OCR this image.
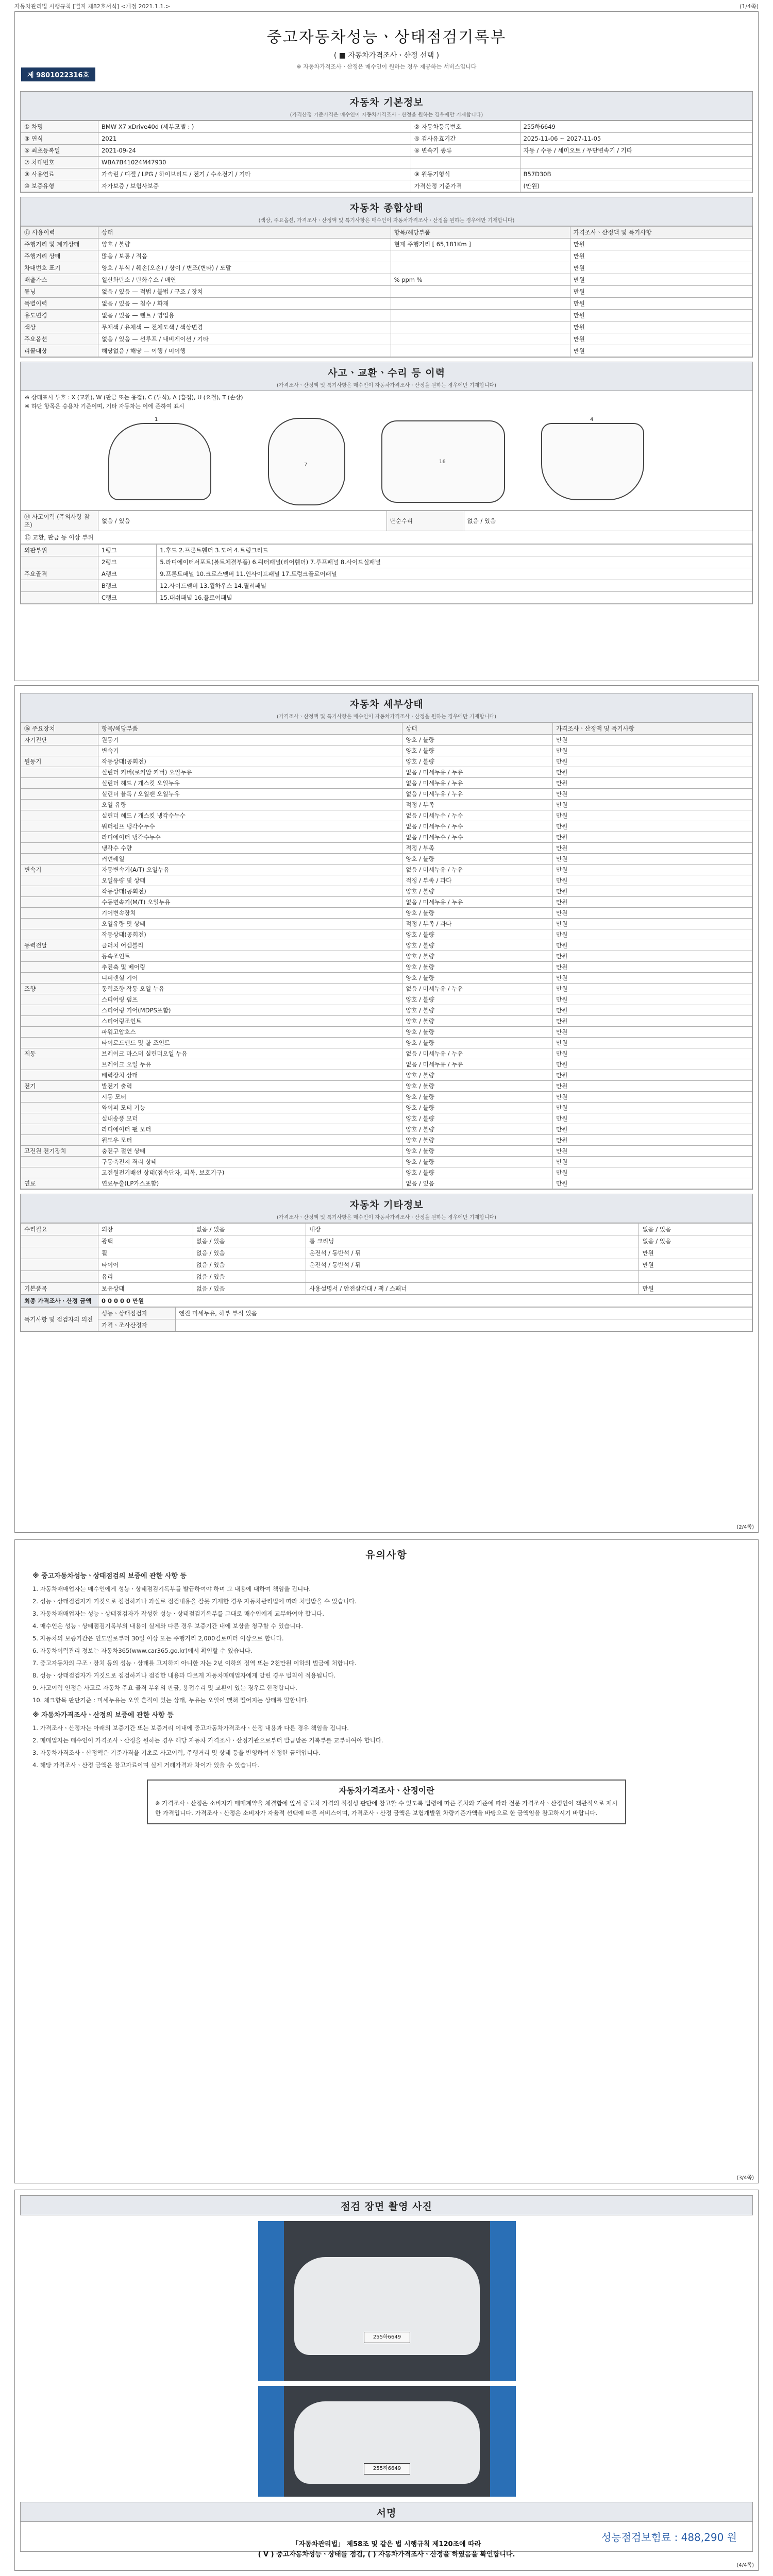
자동차관리법 시행규칙 [별지 제82호서식] <개정 2021.1.1.>	(1/4쪽)
중고자동차성능ㆍ상태점검기록부
( ■ 자동차가격조사ㆍ산정 선택 )
※ 자동차가격조사ㆍ산정은 매수인이 원하는 경우 제공하는 서비스입니다
제 9801022316호
자동차 기본정보
(가격산정 기준가격은 매수인이 자동차가격조사ㆍ산정을 원하는 경우에만 기재합니다)
① 차명	BMW X7 xDrive40d (세부모델 : )	② 자동차등록번호	255하6649
③ 연식	2021	④ 검사유효기간	2025-11-06 ~ 2027-11-05
⑤ 최초등록일	2021-09-24	⑥ 변속기 종류	자동 / 수동 / 세미오토 / 무단변속기 / 기타
⑦ 차대번호	WBA7B41024M47930		
⑧ 사용연료	가솔린 / 디젤 / LPG / 하이브리드 / 전기 / 수소전기 / 기타	⑨ 원동기형식	B57D30B
⑩ 보증유형	자가보증 / 보험사보증	가격산정 기준가격	(만원)
자동차 종합상태
(색상, 주요옵션, 가격조사ㆍ산정액 및 특기사항은 매수인이 자동차가격조사ㆍ산정을 원하는 경우에만 기재합니다)
⑪ 사용이력	상태	항목/해당부품	가격조사ㆍ산정액 및 특기사항
주행거리 및 계기상태	양호 / 불량	현재 주행거리 [ 65,181Km ]	만원
주행거리 상태	많음 / 보통 / 적음		만원
차대번호 표기	양호 / 부식 / 훼손(오손) / 상이 / 변조(변타) / 도말		만원
배출가스	일산화탄소 / 탄화수소 / 매연	% ppm %	만원
튜닝	없음 / 있음 — 적법 / 불법 / 구조 / 장치		만원
특별이력	없음 / 있음 — 침수 / 화재		만원
용도변경	없음 / 있음 — 렌트 / 영업용		만원
색상	무채색 / 유채색 — 전체도색 / 색상변경		만원
주요옵션	없음 / 있음 — 선루프 / 내비게이션 / 기타		만원
리콜대상	해당없음 / 해당 — 이행 / 미이행		만원
사고ㆍ교환ㆍ수리 등 이력
(가격조사ㆍ산정액 및 특기사항은 매수인이 자동차가격조사ㆍ산정을 원하는 경우에만 기재합니다)
※ 상태표시 부호 : X (교환), W (판금 또는 용접), C (부식), A (흠집), U (요철), T (손상)
※ 하단 항목은 승용차 기준이며, 기타 자동차는 이에 준하여 표시
1
7
16
4
⑭ 사고이력 (주의사항 참조)	없음 / 있음	단순수리	없음 / 있음
⑮ 교환, 판금 등 이상 부위
외판부위	1랭크	1.후드 2.프론트휀더 3.도어 4.트렁크리드
	2랭크	5.라디에이터서포트(볼트체결부품) 6.쿼터패널(리어휀더) 7.루프패널 8.사이드실패널
주요골격	A랭크	9.프론트패널 10.크로스멤버 11.인사이드패널 17.트렁크플로어패널
	B랭크	12.사이드멤버 13.휠하우스 14.필러패널
	C랭크	15.대쉬패널 16.플로어패널
자동차 세부상태
(가격조사ㆍ산정액 및 특기사항은 매수인이 자동차가격조사ㆍ산정을 원하는 경우에만 기재합니다)
⑯ 주요장치	항목/해당부품	상태	가격조사ㆍ산정액 및 특기사항
자기진단	원동기	양호 / 불량	만원
	변속기	양호 / 불량	만원
원동기	작동상태(공회전)	양호 / 불량	만원
	실린더 커버(로커암 커버) 오일누유	없음 / 미세누유 / 누유	만원
	실린더 헤드 / 개스킷 오일누유	없음 / 미세누유 / 누유	만원
	실린더 블록 / 오일팬 오일누유	없음 / 미세누유 / 누유	만원
	오일 유량	적정 / 부족	만원
	실린더 헤드 / 개스킷 냉각수누수	없음 / 미세누수 / 누수	만원
	워터펌프 냉각수누수	없음 / 미세누수 / 누수	만원
	라디에이터 냉각수누수	없음 / 미세누수 / 누수	만원
	냉각수 수량	적정 / 부족	만원
	커먼레일	양호 / 불량	만원
변속기	자동변속기(A/T) 오일누유	없음 / 미세누유 / 누유	만원
	오일유량 및 상태	적정 / 부족 / 과다	만원
	작동상태(공회전)	양호 / 불량	만원
	수동변속기(M/T) 오일누유	없음 / 미세누유 / 누유	만원
	기어변속장치	양호 / 불량	만원
	오일유량 및 상태	적정 / 부족 / 과다	만원
	작동상태(공회전)	양호 / 불량	만원
동력전달	클러치 어셈블리	양호 / 불량	만원
	등속조인트	양호 / 불량	만원
	추진축 및 베어링	양호 / 불량	만원
	디퍼렌셜 기어	양호 / 불량	만원
조향	동력조향 작동 오일 누유	없음 / 미세누유 / 누유	만원
	스티어링 펌프	양호 / 불량	만원
	스티어링 기어(MDPS포함)	양호 / 불량	만원
	스티어링조인트	양호 / 불량	만원
	파워고압호스	양호 / 불량	만원
	타이로드엔드 및 볼 조인트	양호 / 불량	만원
제동	브레이크 마스터 실린더오일 누유	없음 / 미세누유 / 누유	만원
	브레이크 오일 누유	없음 / 미세누유 / 누유	만원
	배력장치 상태	양호 / 불량	만원
전기	발전기 출력	양호 / 불량	만원
	시동 모터	양호 / 불량	만원
	와이퍼 모터 기능	양호 / 불량	만원
	실내송풍 모터	양호 / 불량	만원
	라디에이터 팬 모터	양호 / 불량	만원
	윈도우 모터	양호 / 불량	만원
고전원 전기장치	충전구 절연 상태	양호 / 불량	만원
	구동축전지 격리 상태	양호 / 불량	만원
	고전원전기배선 상태(접속단자, 피복, 보호기구)	양호 / 불량	만원
연료	연료누출(LP가스포함)	없음 / 있음	만원
자동차 기타정보
(가격조사ㆍ산정액 및 특기사항은 매수인이 자동차가격조사ㆍ산정을 원하는 경우에만 기재합니다)
수리필요	외장	없음 / 있음	내장	없음 / 있음
	광택	없음 / 있음	룸 크리닝	없음 / 있음
	휠	없음 / 있음	운전석 / 동반석 / 뒤	만원
	타이어	없음 / 있음	운전석 / 동반석 / 뒤	만원
	유리	없음 / 있음		
기본품목	보유상태	없음 / 있음	사용설명서 / 안전삼각대 / 잭 / 스패너	만원
최종 가격조사ㆍ산정 금액	0 0 0 0 0 만원
특기사항 및 점검자의 의견	성능ㆍ상태점검자	엔진 미세누유, 하부 부식 있음
	가격ㆍ조사산정자	
(2/4쪽)
유의사항
※ 중고자동차성능ㆍ상태점검의 보증에 관한 사항 등

1. 자동차매매업자는 매수인에게 성능ㆍ상태점검기록부를 발급하여야 하며 그 내용에 대하여 책임을 집니다.

2. 성능ㆍ상태점검자가 거짓으로 점검하거나 과실로 점검내용을 잘못 기재한 경우 자동차관리법에 따라 처벌받을 수 있습니다.

3. 자동차매매업자는 성능ㆍ상태점검자가 작성한 성능ㆍ상태점검기록부를 그대로 매수인에게 교부하여야 합니다.

4. 매수인은 성능ㆍ상태점검기록부의 내용이 실제와 다른 경우 보증기간 내에 보상을 청구할 수 있습니다.

5. 자동차의 보증기간은 인도일로부터 30일 이상 또는 주행거리 2,000킬로미터 이상으로 합니다.

6. 자동차이력관리 정보는 자동차365(www.car365.go.kr)에서 확인할 수 있습니다.

7. 중고자동차의 구조ㆍ장치 등의 성능ㆍ상태를 고지하지 아니한 자는 2년 이하의 징역 또는 2천만원 이하의 벌금에 처합니다.

8. 성능ㆍ상태점검자가 거짓으로 점검하거나 점검한 내용과 다르게 자동차매매업자에게 알린 경우 벌칙이 적용됩니다.

9. 사고이력 인정은 사고로 자동차 주요 골격 부위의 판금, 용접수리 및 교환이 있는 경우로 한정합니다.

10. 체크항목 판단기준 : 미세누유는 오일 흔적이 있는 상태, 누유는 오일이 맺혀 떨어지는 상태를 말합니다.

※ 자동차가격조사ㆍ산정의 보증에 관한 사항 등

1. 가격조사ㆍ산정자는 아래의 보증기간 또는 보증거리 이내에 중고자동차가격조사ㆍ산정 내용과 다른 경우 책임을 집니다.

2. 매매업자는 매수인이 가격조사ㆍ산정을 원하는 경우 해당 자동차 가격조사ㆍ산정기관으로부터 발급받은 기록부를 교부하여야 합니다.

3. 자동차가격조사ㆍ산정액은 기준가격을 기초로 사고이력, 주행거리 및 상태 등을 반영하여 산정한 금액입니다.

4. 해당 가격조사ㆍ산정 금액은 참고자료이며 실제 거래가격과 차이가 있을 수 있습니다.

자동차가격조사ㆍ산정이란
※ 가격조사ㆍ산정은 소비자가 매매계약을 체결함에 앞서 중고차 가격의 적정성 판단에 참고할 수 있도록 법령에 따른 절차와 기준에 따라 전문 가격조사ㆍ산정인이 객관적으로 제시한 가격입니다. 가격조사ㆍ산정은 소비자가 자율적 선택에 따른 서비스이며, 가격조사ㆍ산정 금액은 보험개발원 차량기준가액을 바탕으로 한 금액임을 참고하시기 바랍니다.
(3/4쪽)
점검 장면 촬영 사진
255하6649
255하6649
서명
성능점검보험료 : 488,290 원
「자동차관리법」 제58조 및 같은 법 시행규칙 제120조에 따라
( V ) 중고자동차성능ㆍ상태를 점검, ( ) 자동차가격조사ㆍ산정을 하였음을 확인합니다.
(4/4쪽)
